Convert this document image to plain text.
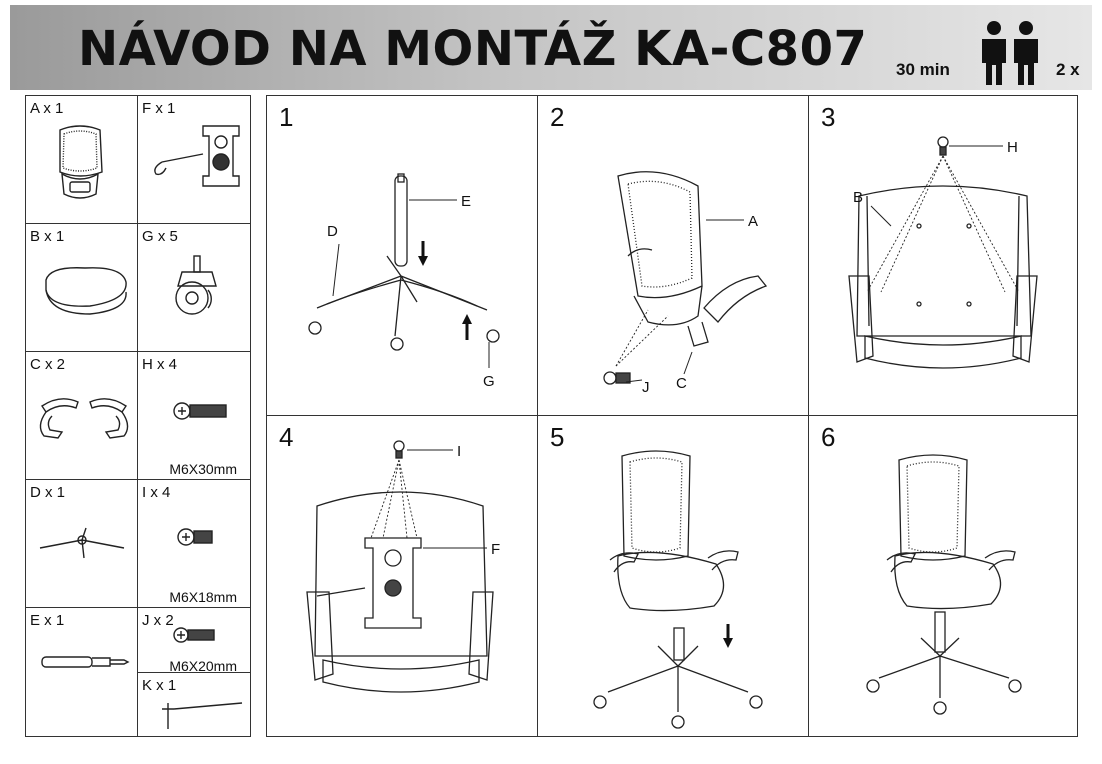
NÁVOD NA MONTÁŽ KA-C807 30 min	2 x
A x 1	F x 1
B x 1	G x 5
C x 2	H x 4
M6X30mm
D x 1	I x 4
M6X18mm
E x 1	J x 2
M6X20mm
K x 1
1
E
D
G
2
A
J C
3
H
B
4	I
F
5	6
